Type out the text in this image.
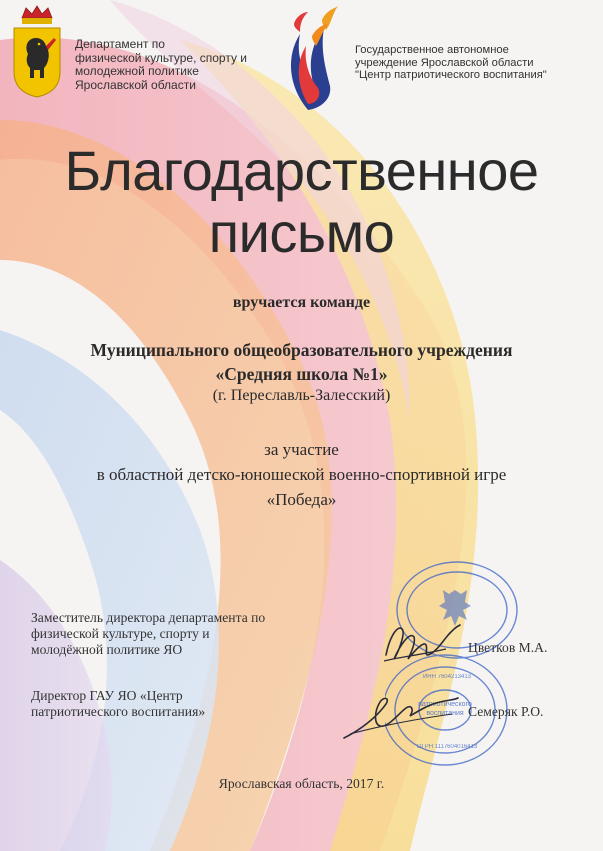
Департамент по
физической культуре, спорту и
молодежной политике
Ярославской области
Государственное автономное
учреждение Ярославской области
"Центр патриотического воспитания"
Благодарственное
письмо
вручается команде
Муниципального общеобразовательного учреждения
«Средняя школа №1»
(г. Переславль-Залесский)
за участие
в областной детско-юношеской военно-спортивной игре
«Победа»
патриотического
воспитания
ОГРН 1117604016413
ИНН 7604213413
Заместитель директора департамента по
физической культуре, спорту и
молодёжной политике ЯО	Цветков М.А.
Директор ГАУ ЯО «Центр
патриотического воспитания»	Семеряк Р.О.
Ярославская область, 2017 г.
